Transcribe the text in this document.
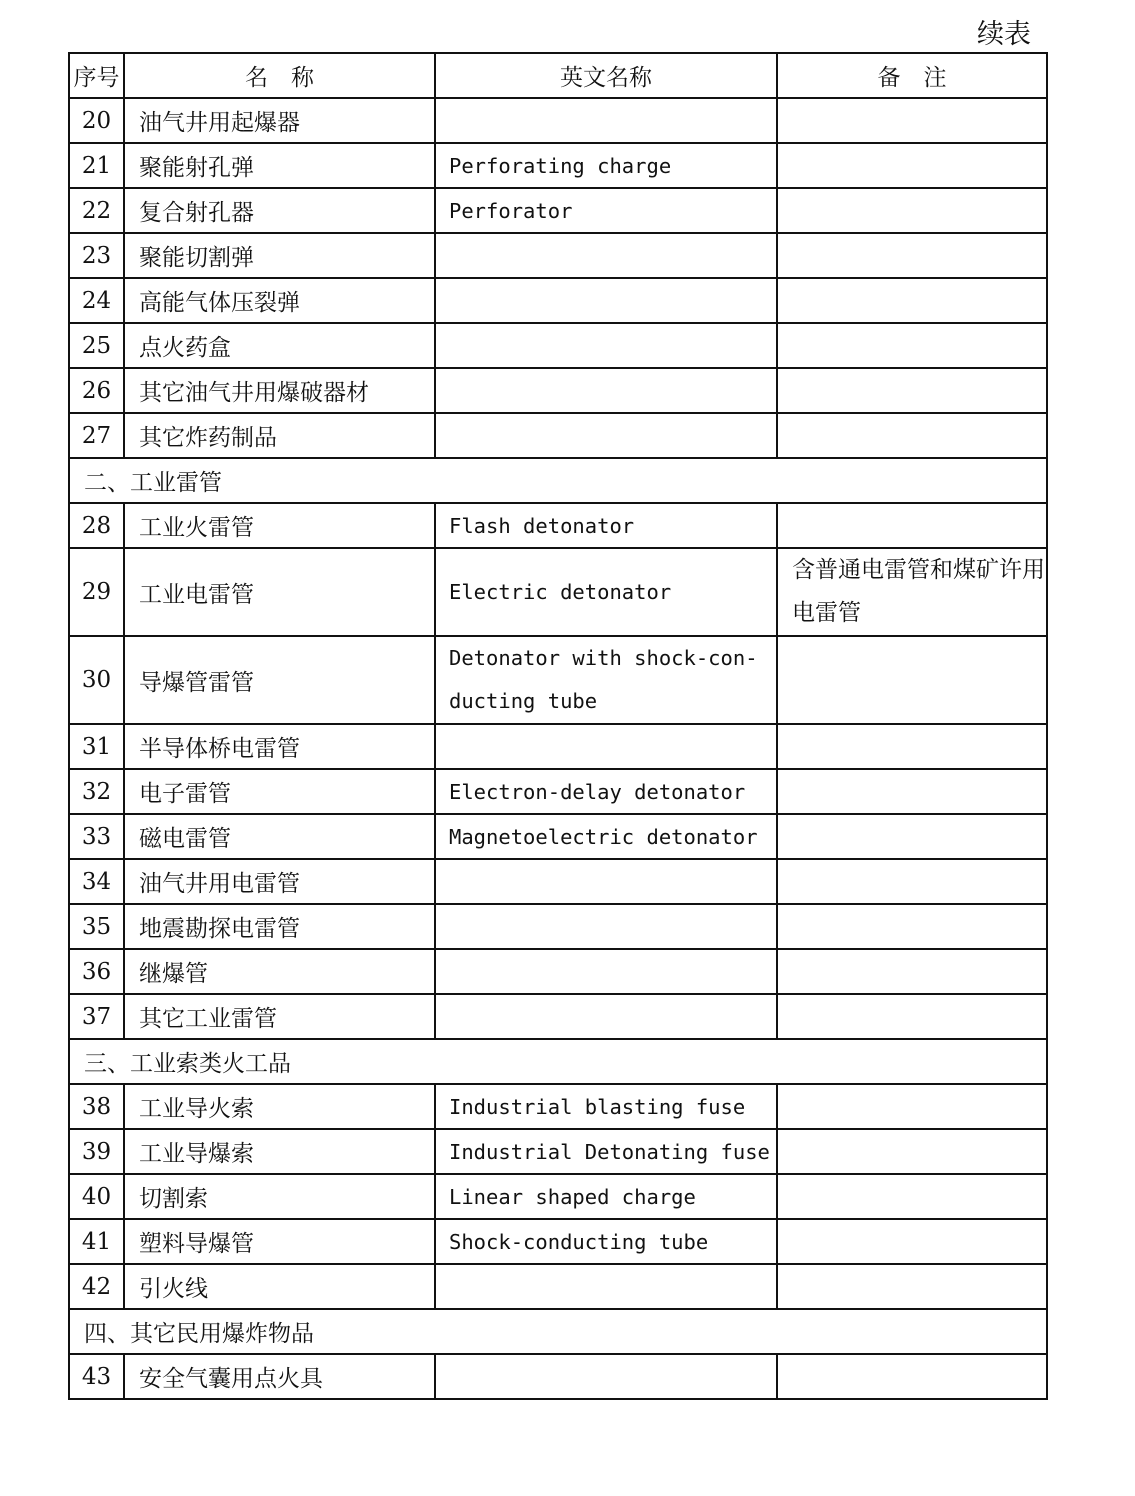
续表
序号	名　称	英文名称	备　注
20	油气井用起爆器		
21	聚能射孔弹	Perforating charge	
22	复合射孔器	Perforator	
23	聚能切割弹		
24	高能气体压裂弹		
25	点火药盒		
26	其它油气井用爆破器材		
27	其它炸药制品		
二、工业雷管			
28	工业火雷管	Flash detonator	
29	工业电雷管	Electric detonator	含普通电雷管和煤矿许用电雷管
30	导爆管雷管	Detonator with shock-con-ducting tube	
31	半导体桥电雷管		
32	电子雷管	Electron-delay detonator	
33	磁电雷管	Magnetoelectric detonator	
34	油气井用电雷管		
35	地震勘探电雷管		
36	继爆管		
37	其它工业雷管		
三、工业索类火工品			
38	工业导火索	Industrial blasting fuse	
39	工业导爆索	Industrial Detonating fuse	
40	切割索	Linear shaped charge	
41	塑料导爆管	Shock-conducting tube	
42	引火线		
四、其它民用爆炸物品			
43	安全气囊用点火具		
